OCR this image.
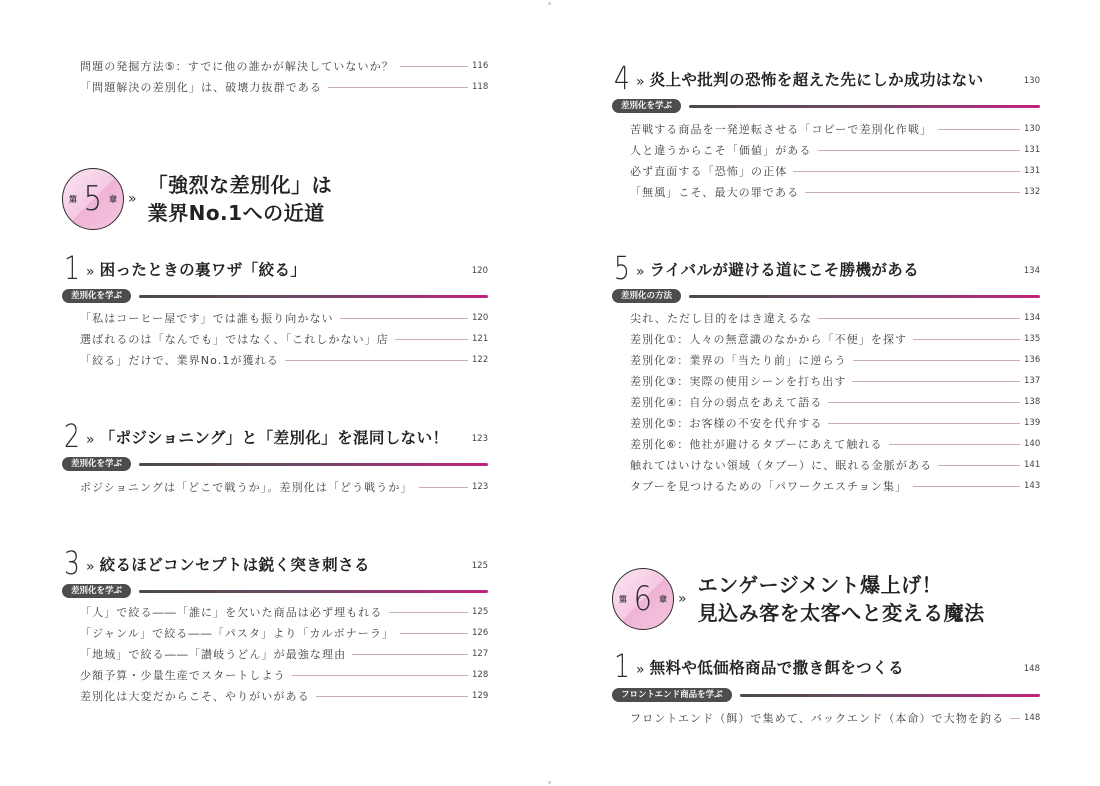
問題の発掘方法⑤：すでに他の誰かが解決していないか？	116
「問題解決の差別化」は、破壊力抜群である	118
第 5 章 »
「強烈な差別化」は
業界No.1への近道
1 » 困ったときの裏ワザ「絞る」	120
差別化を学ぶ
「私はコーヒー屋です」では誰も振り向かない	120
選ばれるのは「なんでも」ではなく、「これしかない」店	121
「絞る」だけで、業界No.1が獲れる	122
2 » 「ポジショニング」と「差別化」を混同しない！	123
差別化を学ぶ
ポジショニングは「どこで戦うか」。差別化は「どう戦うか」	123
3 » 絞るほどコンセプトは鋭く突き刺さる	125
差別化を学ぶ
「人」で絞る――「誰に」を欠いた商品は必ず埋もれる	125
「ジャンル」で絞る――「パスタ」より「カルボナーラ」	126
「地域」で絞る――「讃岐うどん」が最強な理由	127
少額予算・少量生産でスタートしよう	128
差別化は大変だからこそ、やりがいがある	129
4 » 炎上や批判の恐怖を超えた先にしか成功はない	130
差別化を学ぶ
苦戦する商品を一発逆転させる「コピーで差別化作戦」	130
人と違うからこそ「価値」がある	131
必ず直面する「恐怖」の正体	131
「無風」こそ、最大の罪である	132
5 » ライバルが避ける道にこそ勝機がある	134
差別化の方法
尖れ、ただし目的をはき違えるな	134
差別化①：人々の無意識のなかから「不便」を探す	135
差別化②：業界の「当たり前」に逆らう	136
差別化③：実際の使用シーンを打ち出す	137
差別化④：自分の弱点をあえて語る	138
差別化⑤：お客様の不安を代弁する	139
差別化⑥：他社が避けるタブーにあえて触れる	140
触れてはいけない領域（タブー）に、眠れる金脈がある	141
タブーを見つけるための「パワークエスチョン集」	143
第 6 章 »
エンゲージメント爆上げ！
見込み客を太客へと変える魔法
1 » 無料や低価格商品で撒き餌をつくる	148
フロントエンド商品を学ぶ
フロントエンド（餌）で集めて、バックエンド（本命）で大物を釣る 148
